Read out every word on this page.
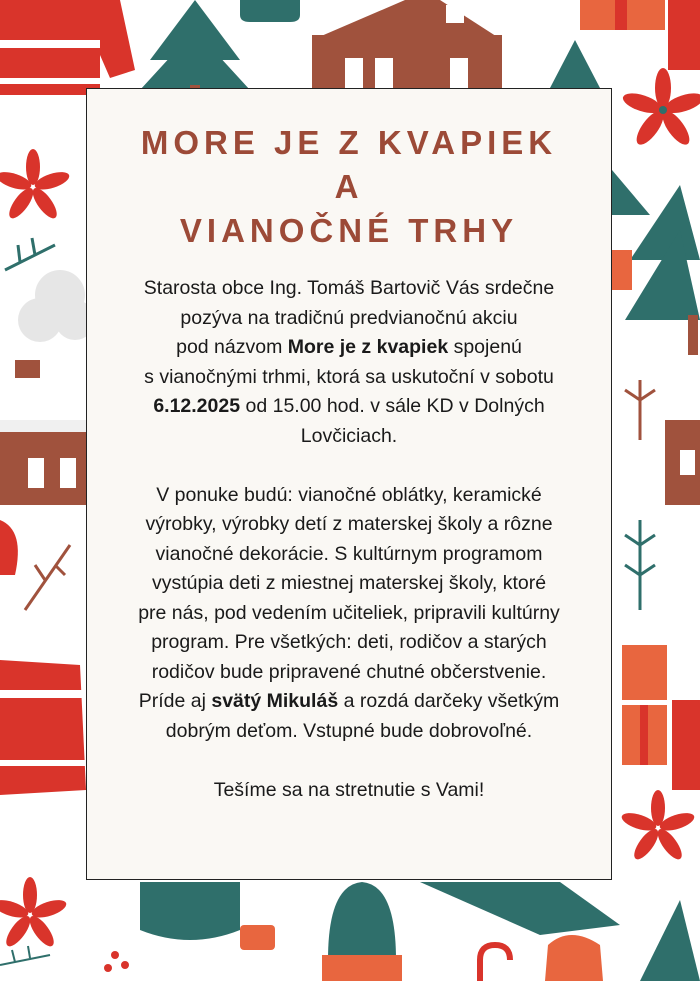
MORE JE Z KVAPIEK
A
VIANOČNÉ TRHY

Starosta obce Ing. Tomáš Bartovič Vás srdečne
pozýva na tradičnú predvianočnú akciu
pod názvom More je z kvapiek spojenú
s vianočnými trhmi, ktorá sa uskutoční v sobotu
6.12.2025 od 15.00 hod. v sále KD v Dolných
Lovčiciach.

V ponuke budú: vianočné oblátky, keramické
výrobky, výrobky detí z materskej školy a rôzne
vianočné dekorácie. S kultúrnym programom
vystúpia deti z miestnej materskej školy, ktoré
pre nás, pod vedením učiteliek, pripravili kultúrny
program. Pre všetkých: deti, rodičov a starých
rodičov bude pripravené chutné občerstvenie.
Príde aj svätý Mikuláš a rozdá darčeky všetkým
dobrým deťom. Vstupné bude dobrovoľné.

Tešíme sa na stretnutie s Vami!
